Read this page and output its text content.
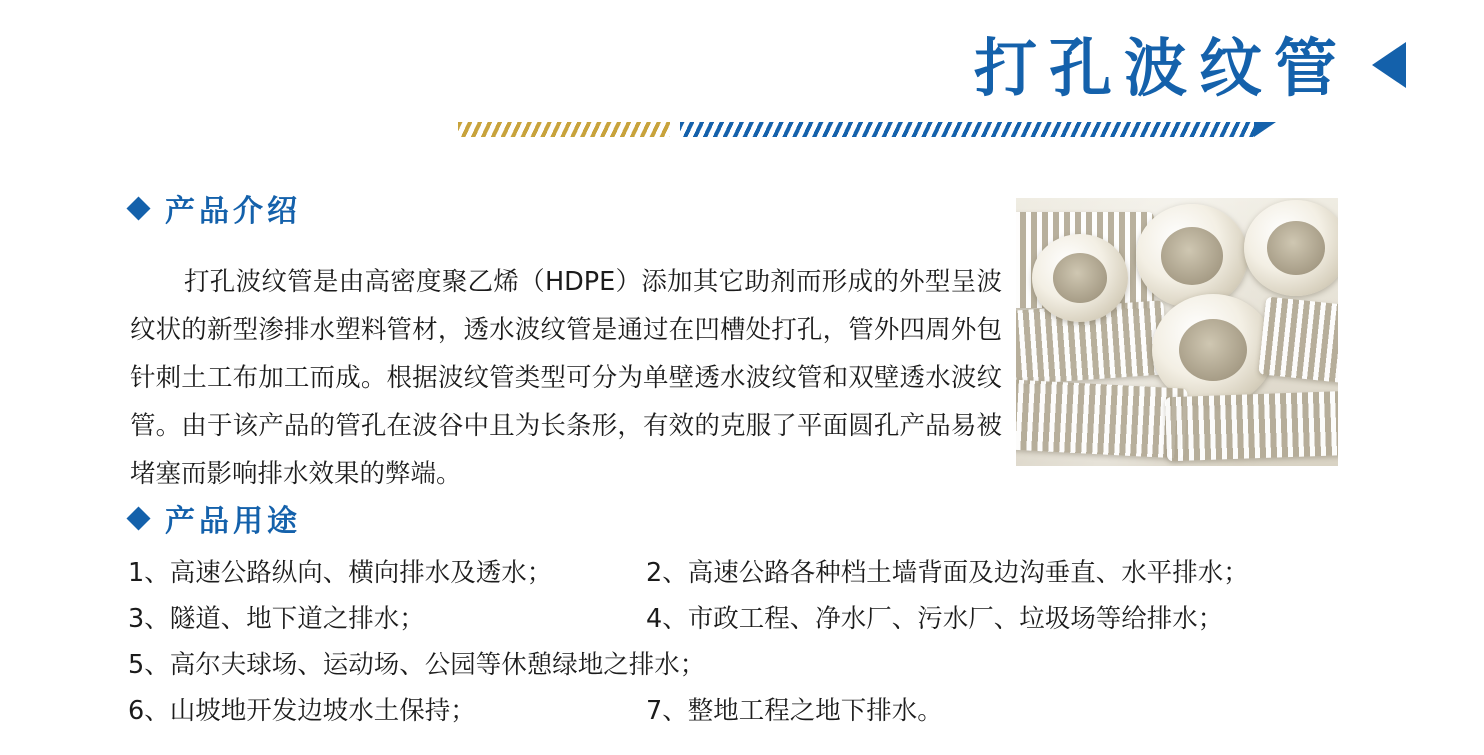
打孔波纹管
产品介绍

打孔波纹管是由高密度聚乙烯（HDPE）添加其它助剂而形成的外型呈波纹状的新型渗排水塑料管材，透水波纹管是通过在凹槽处打孔，管外四周外包针刺土工布加工而成。根据波纹管类型可分为单壁透水波纹管和双壁透水波纹管。由于该产品的管孔在波谷中且为长条形，有效的克服了平面圆孔产品易被堵塞而影响排水效果的弊端。

产品用途
1、高速公路纵向、横向排水及透水；	2、高速公路各种档土墙背面及边沟垂直、水平排水；
3、隧道、地下道之排水；	4、市政工程、净水厂、污水厂、垃圾场等给排水；
5、高尔夫球场、运动场、公园等休憩绿地之排水；
6、山坡地开发边坡水土保持；	7、整地工程之地下排水。
